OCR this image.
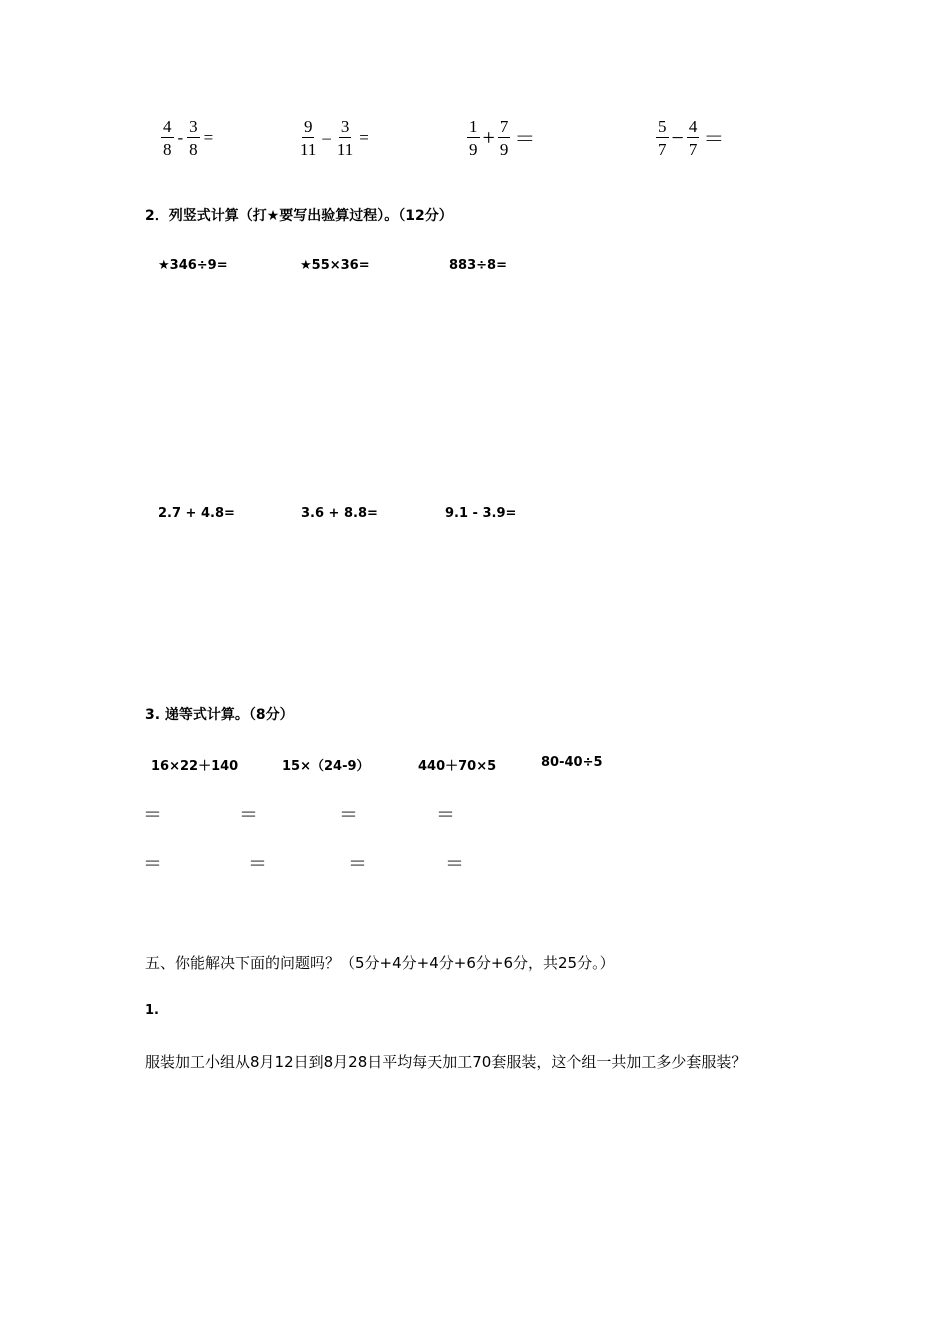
$\frac{4}{8} - \frac{3}{8}$ =	$\frac{9}{11} - \frac{3}{11}$ =	$\frac{1}{9} + \frac{7}{9}$ ＝	$\frac{5}{7} - \frac{4}{7}$ ＝
2．列竖式计算（打★要写出验算过程）。（12分）
★346÷9=	★55×36=	883÷8=
2.7 + 4.8=	3.6 + 8.8=	9.1 - 3.9=
3. 递等式计算。（8分）
16×22＋140	15×（24-9）	440＋70×5	80-40÷5
＝	＝	＝	＝
＝	＝	＝	＝
五、你能解决下面的问题吗？（5分+4分+4分+6分+6分，共25分。）
1.
服装加工小组从8月12日到8月28日平均每天加工70套服装，这个组一共加工多少套服装？
